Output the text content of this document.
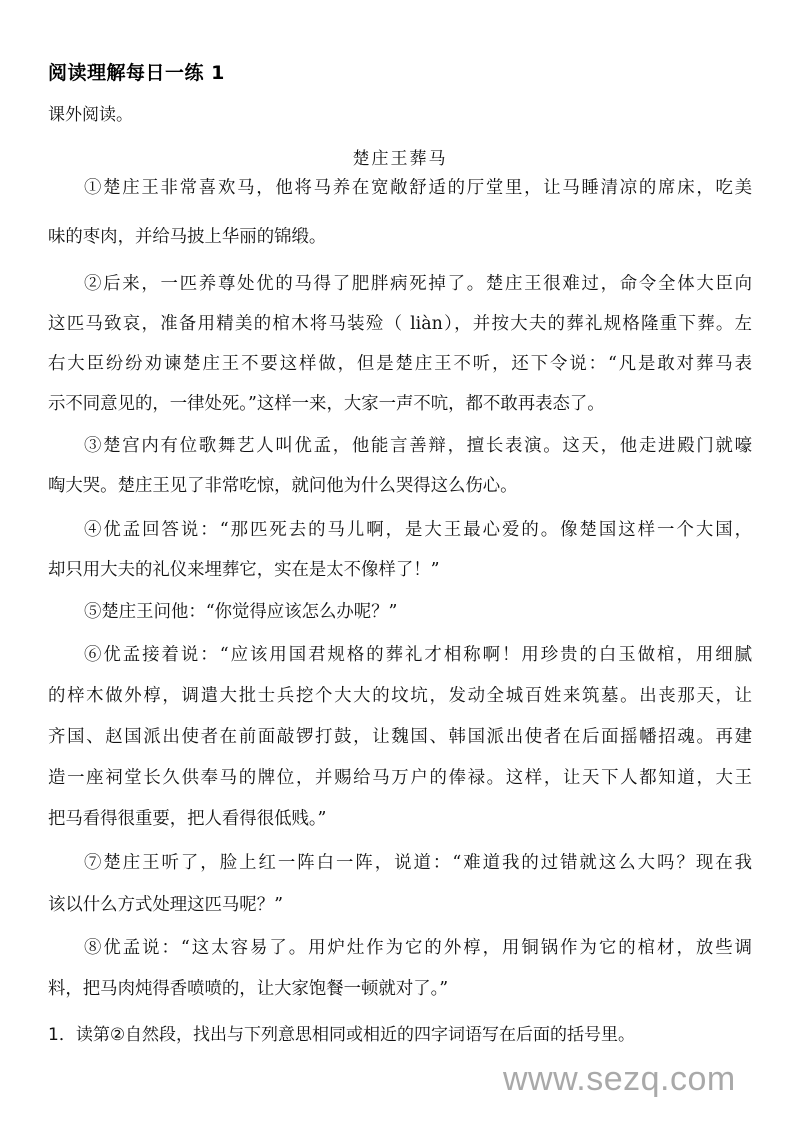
阅读理解每日一练 1
课外阅读。
楚庄王葬马
①楚庄王非常喜欢马，他将马养在宽敞舒适的厅堂里，让马睡清凉的席床，吃美
味的枣肉，并给马披上华丽的锦缎。
②后来，一匹养尊处优的马得了肥胖病死掉了。楚庄王很难过，命令全体大臣向
这匹马致哀，准备用精美的棺木将马装殓（ liàn），并按大夫的葬礼规格隆重下葬。左
右大臣纷纷劝谏楚庄王不要这样做，但是楚庄王不听，还下令说：“凡是敢对葬马表
示不同意见的，一律处死。”这样一来，大家一声不吭，都不敢再表态了。
③楚宫内有位歌舞艺人叫优孟，他能言善辩，擅长表演。这天，他走进殿门就嚎
啕大哭。楚庄王见了非常吃惊，就问他为什么哭得这么伤心。
④优孟回答说：“那匹死去的马儿啊，是大王最心爱的。像楚国这样一个大国，
却只用大夫的礼仪来埋葬它，实在是太不像样了！”
⑤楚庄王问他：“你觉得应该怎么办呢？”
⑥优孟接着说：“应该用国君规格的葬礼才相称啊！用珍贵的白玉做棺，用细腻
的梓木做外椁，调遣大批士兵挖个大大的坟坑，发动全城百姓来筑墓。出丧那天，让
齐国、赵国派出使者在前面敲锣打鼓，让魏国、韩国派出使者在后面摇幡招魂。再建
造一座祠堂长久供奉马的牌位，并赐给马万户的俸禄。这样，让天下人都知道，大王
把马看得很重要，把人看得很低贱。”
⑦楚庄王听了，脸上红一阵白一阵，说道：“难道我的过错就这么大吗？现在我
该以什么方式处理这匹马呢？”
⑧优孟说：“这太容易了。用炉灶作为它的外椁，用铜锅作为它的棺材，放些调
料，把马肉炖得香喷喷的，让大家饱餐一顿就对了。”
1．读第②自然段，找出与下列意思相同或相近的四字词语写在后面的括号里。
www.sezq.com
